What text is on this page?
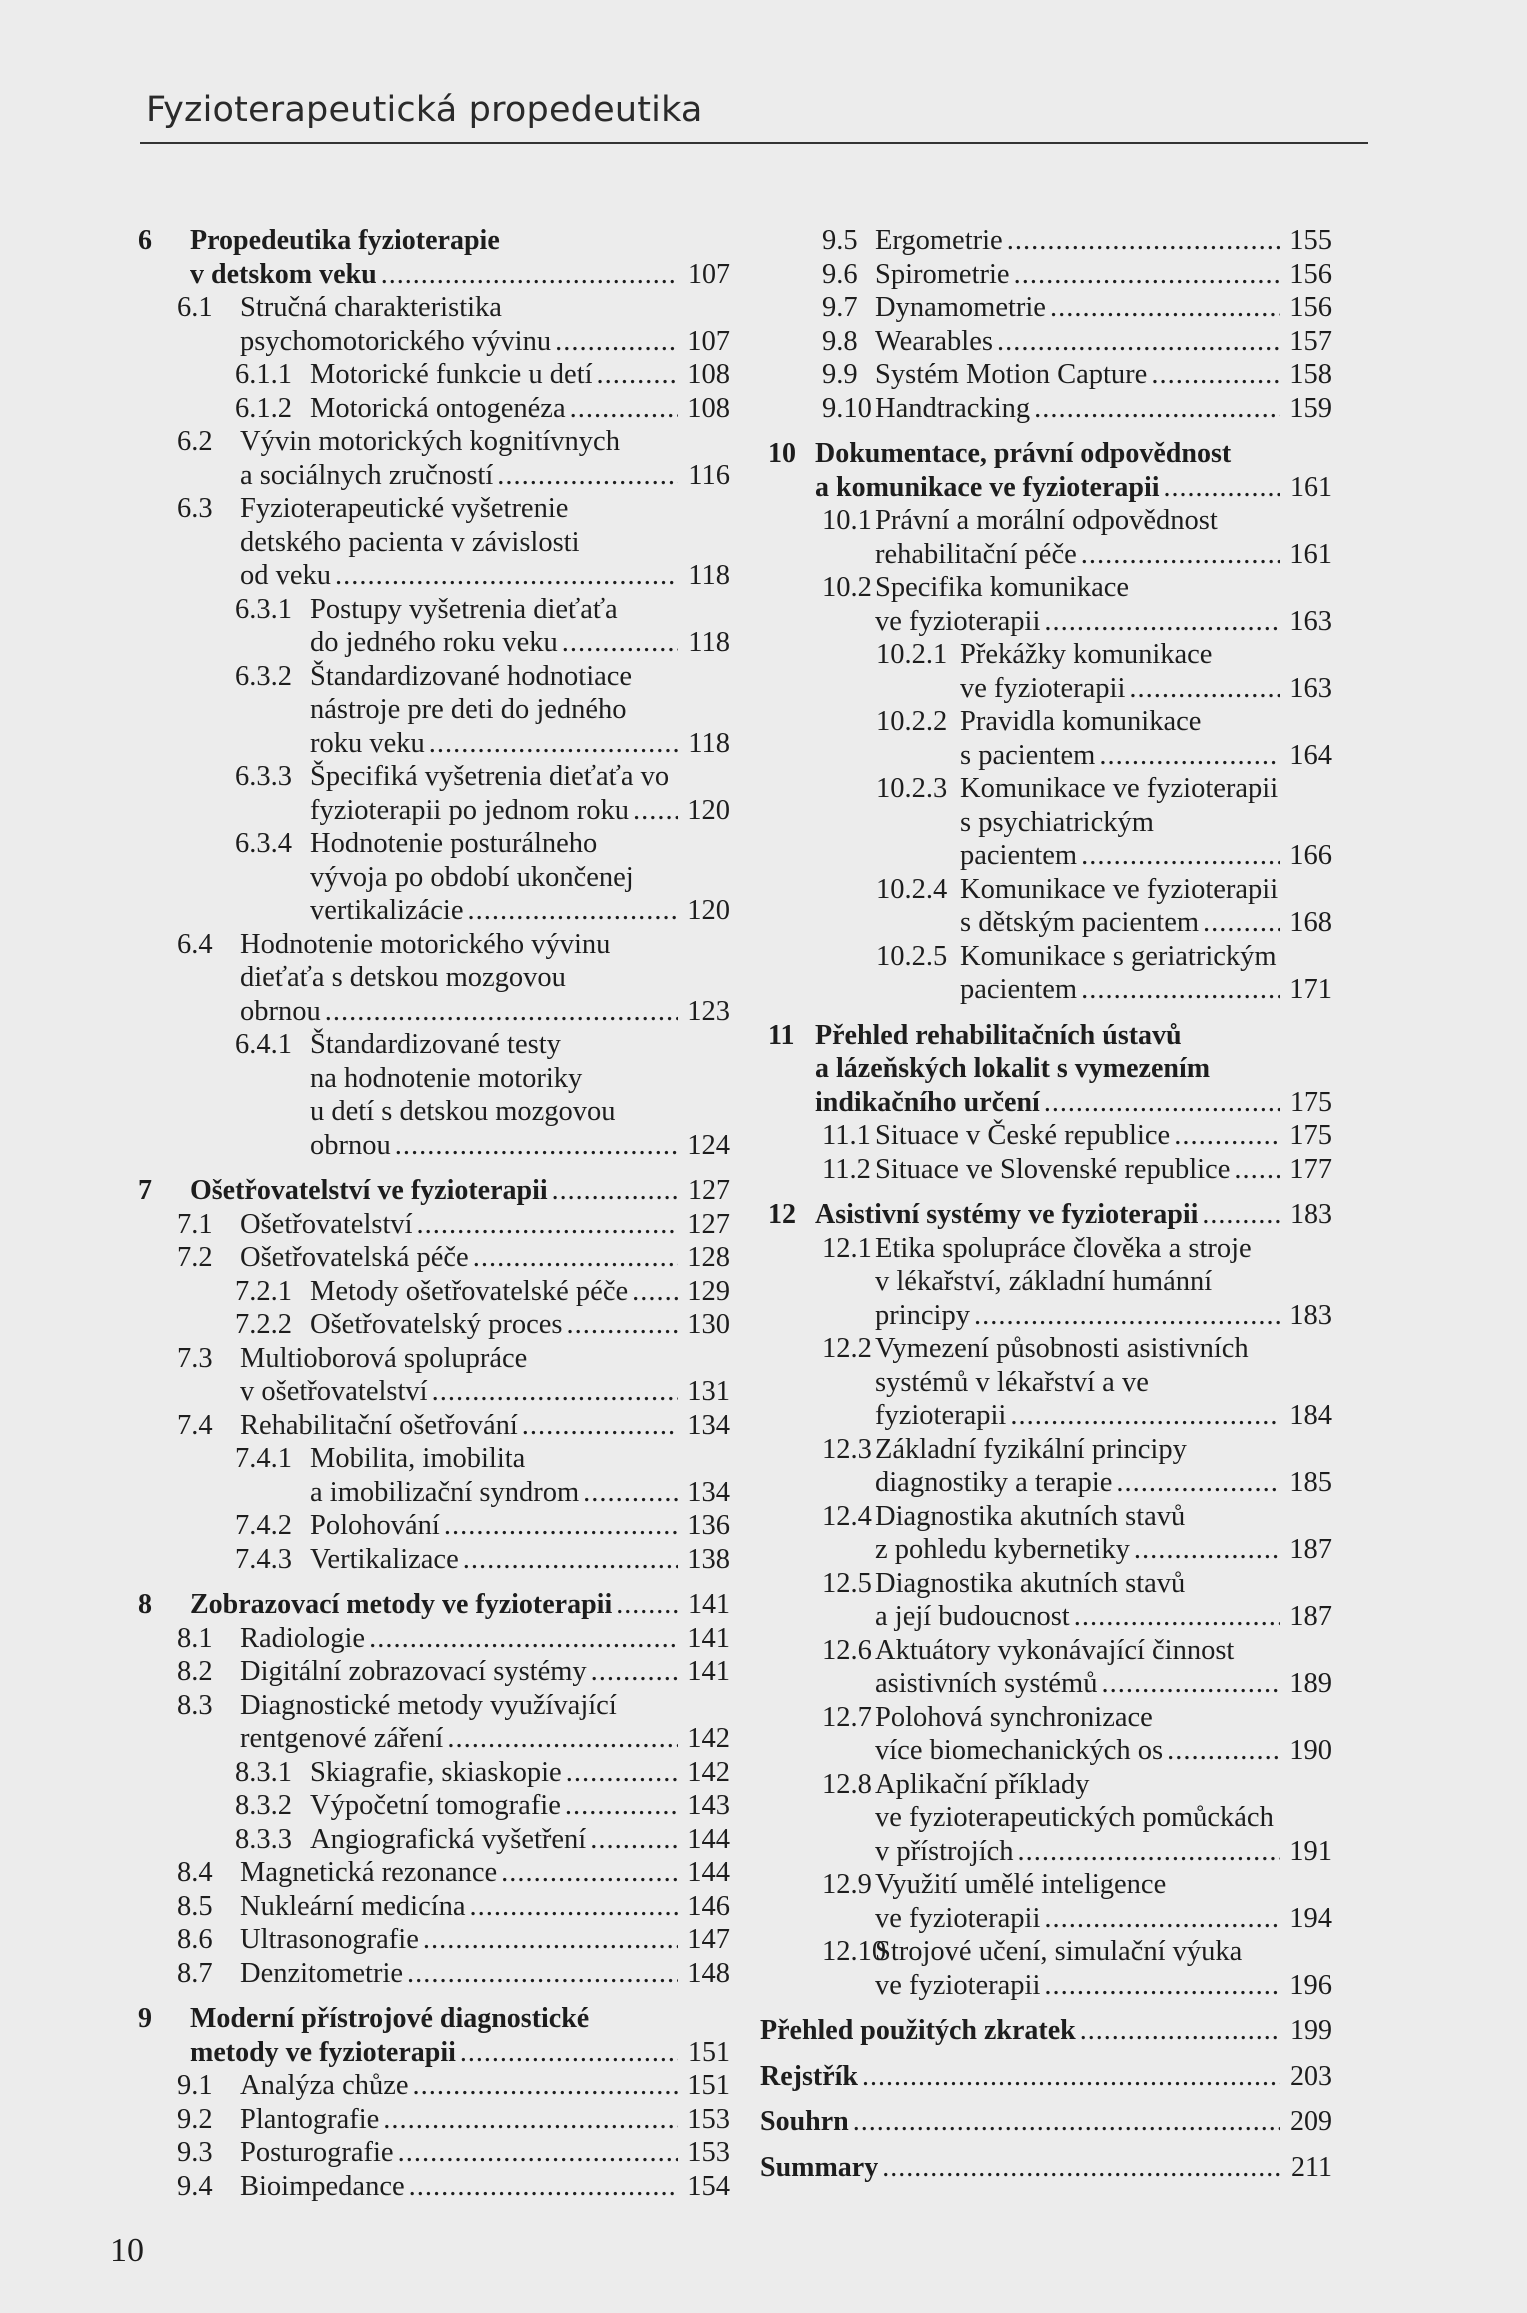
Fyzioterapeutická propedeutika
6 Propedeutika fyzioterapie
v detskom veku .....	107
6.1 Stručná charakteristika
psychomotorického vývinu .....	107
6.1.1 Motorické funkcie u detí .....	108
6.1.2 Motorická ontogenéza .....	108
6.2 Vývin motorických kognitívnych
a sociálnych zručností .....	116
6.3 Fyzioterapeutické vyšetrenie
detského pacienta v závislosti
od veku .....	118
6.3.1 Postupy vyšetrenia dieťaťa
do jedného roku veku .....	118
6.3.2 Štandardizované hodnotiace
nástroje pre deti do jedného
roku veku .....	118
6.3.3 Špecifiká vyšetrenia dieťaťa vo
fyzioterapii po jednom roku ..... 120
6.3.4 Hodnotenie posturálneho
vývoja po období ukončenej
vertikalizácie .....	120
6.4 Hodnotenie motorického vývinu
dieťaťa s detskou mozgovou
obrnou .....	123
6.4.1 Štandardizované testy
na hodnotenie motoriky
u detí s detskou mozgovou
obrnou .....	124
7 Ošetřovatelství ve fyzioterapii .....	127
7.1 Ošetřovatelství .....	127
7.2 Ošetřovatelská péče .....	128
7.2.1 Metody ošetřovatelské péče ..... 129
7.2.2 Ošetřovatelský proces .....	130
7.3 Multioborová spolupráce
v ošetřovatelství .....	131
7.4 Rehabilitační ošetřování .....	134
7.4.1 Mobilita, imobilita
a imobilizační syndrom .....	134
7.4.2 Polohování .....	136
7.4.3 Vertikalizace .....	138
8 Zobrazovací metody ve fyzioterapii .....	141
8.1 Radiologie .....	141
8.2 Digitální zobrazovací systémy .....	141
8.3 Diagnostické metody využívající
rentgenové záření .....	142
8.3.1 Skiagrafie, skiaskopie .....	142
8.3.2 Výpočetní tomografie .....	143
8.3.3 Angiografická vyšetření .....	144
8.4 Magnetická rezonance .....	144
8.5 Nukleární medicína .....	146
8.6 Ultrasonografie .....	147
8.7 Denzitometrie .....	148
9 Moderní přístrojové diagnostické
metody ve fyzioterapii .....	151
9.1 Analýza chůze .....	151
9.2 Plantografie .....	153
9.3 Posturografie .....	153
9.4 Bioimpedance .....	154
9.5 Ergometrie .....	155
9.6 Spirometrie .....	156
9.7 Dynamometrie .....	156
9.8 Wearables .....	157
9.9 Systém Motion Capture .....	158
9.10 Handtracking .....	159
10 Dokumentace, právní odpovědnost
a komunikace ve fyzioterapii .....	161
10.1 Právní a morální odpovědnost
rehabilitační péče .....	161
10.2 Specifika komunikace
ve fyzioterapii .....	163
10.2.1 Překážky komunikace
ve fyzioterapii .....	163
10.2.2 Pravidla komunikace
s pacientem .....	164
10.2.3 Komunikace ve fyzioterapii
s psychiatrickým
pacientem .....	166
10.2.4 Komunikace ve fyzioterapii
s dětským pacientem .....	168
10.2.5 Komunikace s geriatrickým
pacientem .....	171
11 Přehled rehabilitačních ústavů
a lázeňských lokalit s vymezením
indikačního určení .....	175
11.1 Situace v České republice .....	175
11.2 Situace ve Slovenské republice ..... 177
12 Asistivní systémy ve fyzioterapii .....	183
12.1 Etika spolupráce člověka a stroje
v lékařství, základní humánní
principy .....	183
12.2 Vymezení působnosti asistivních
systémů v lékařství a ve
fyzioterapii .....	184
12.3 Základní fyzikální principy
diagnostiky a terapie .....	185
12.4 Diagnostika akutních stavů
z pohledu kybernetiky .....	187
12.5 Diagnostika akutních stavů
a její budoucnost .....	187
12.6 Aktuátory vykonávající činnost
asistivních systémů .....	189
12.7 Polohová synchronizace
více biomechanických os .....	190
12.8 Aplikační příklady
ve fyzioterapeutických pomůckách
v přístrojích .....	191
12.9 Využití umělé inteligence
ve fyzioterapii .....	194
12.10
Strojové učení, simulační výuka
ve fyzioterapii .....	196
Přehled použitých zkratek .....	199
Rejstřík .....	203
Souhrn .....	209
Summary .....	211
10
